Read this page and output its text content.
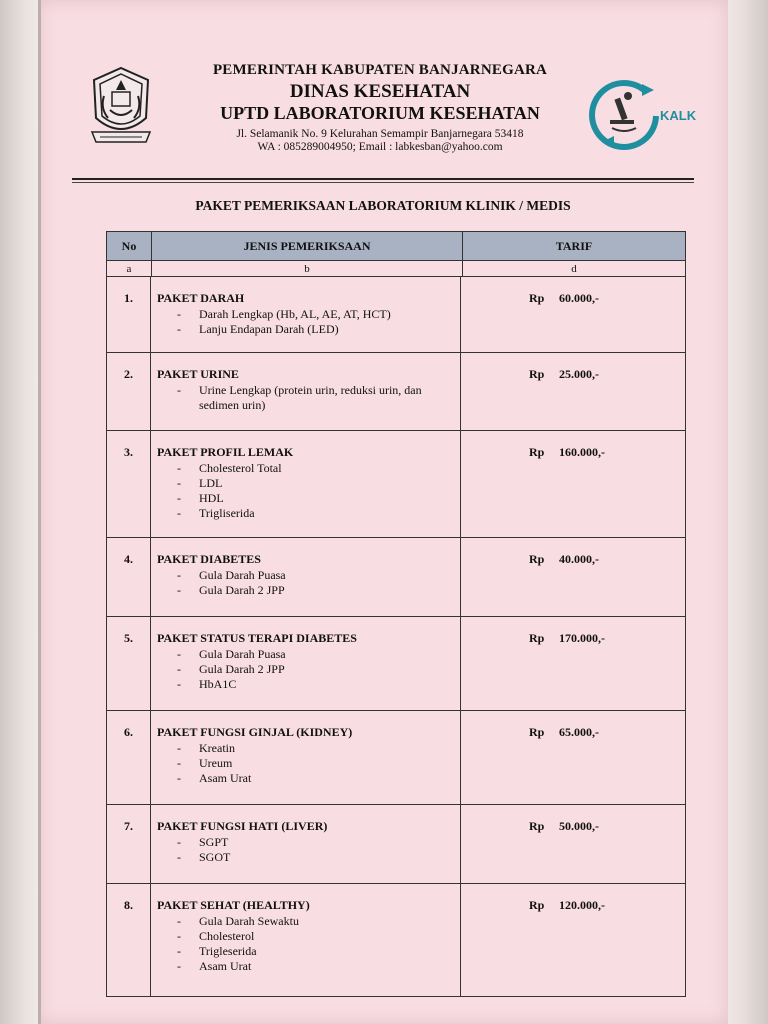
PEMERINTAH KABUPATEN BANJARNEGARA
DINAS KESEHATAN
UPTD LABORATORIUM KESEHATAN
Jl. Selamanik No. 9 Kelurahan Semampir Banjarnegara 53418
WA : 085289004950; Email : labkesban@yahoo.com
KALK
PAKET PEMERIKSAAN LABORATORIUM KLINIK / MEDIS
No	JENIS PEMERIKSAAN	TARIF
a	b	d
1.	PAKET DARAH
- Darah Lengkap (Hb, AL, AE, AT, HCT)
- Lanju Endapan Darah (LED)
Rp 60.000,-
2.	PAKET URINE
- Urine Lengkap (protein urin, reduksi urin, dan sedimen urin)
Rp 25.000,-
3.	PAKET PROFIL LEMAK
- Cholesterol Total
- LDL
- HDL
- Trigliserida
Rp 160.000,-
4.	PAKET DIABETES
- Gula Darah Puasa
- Gula Darah 2 JPP
Rp 40.000,-
5.	PAKET STATUS TERAPI DIABETES
- Gula Darah Puasa
- Gula Darah 2 JPP
- HbA1C
Rp 170.000,-
6.	PAKET FUNGSI GINJAL (KIDNEY)
- Kreatin
- Ureum
- Asam Urat
Rp 65.000,-
7.	PAKET FUNGSI HATI (LIVER)
- SGPT
- SGOT
Rp 50.000,-
8.	PAKET SEHAT (HEALTHY)
- Gula Darah Sewaktu
- Cholesterol
- Trigleserida
- Asam Urat
Rp 120.000,-
